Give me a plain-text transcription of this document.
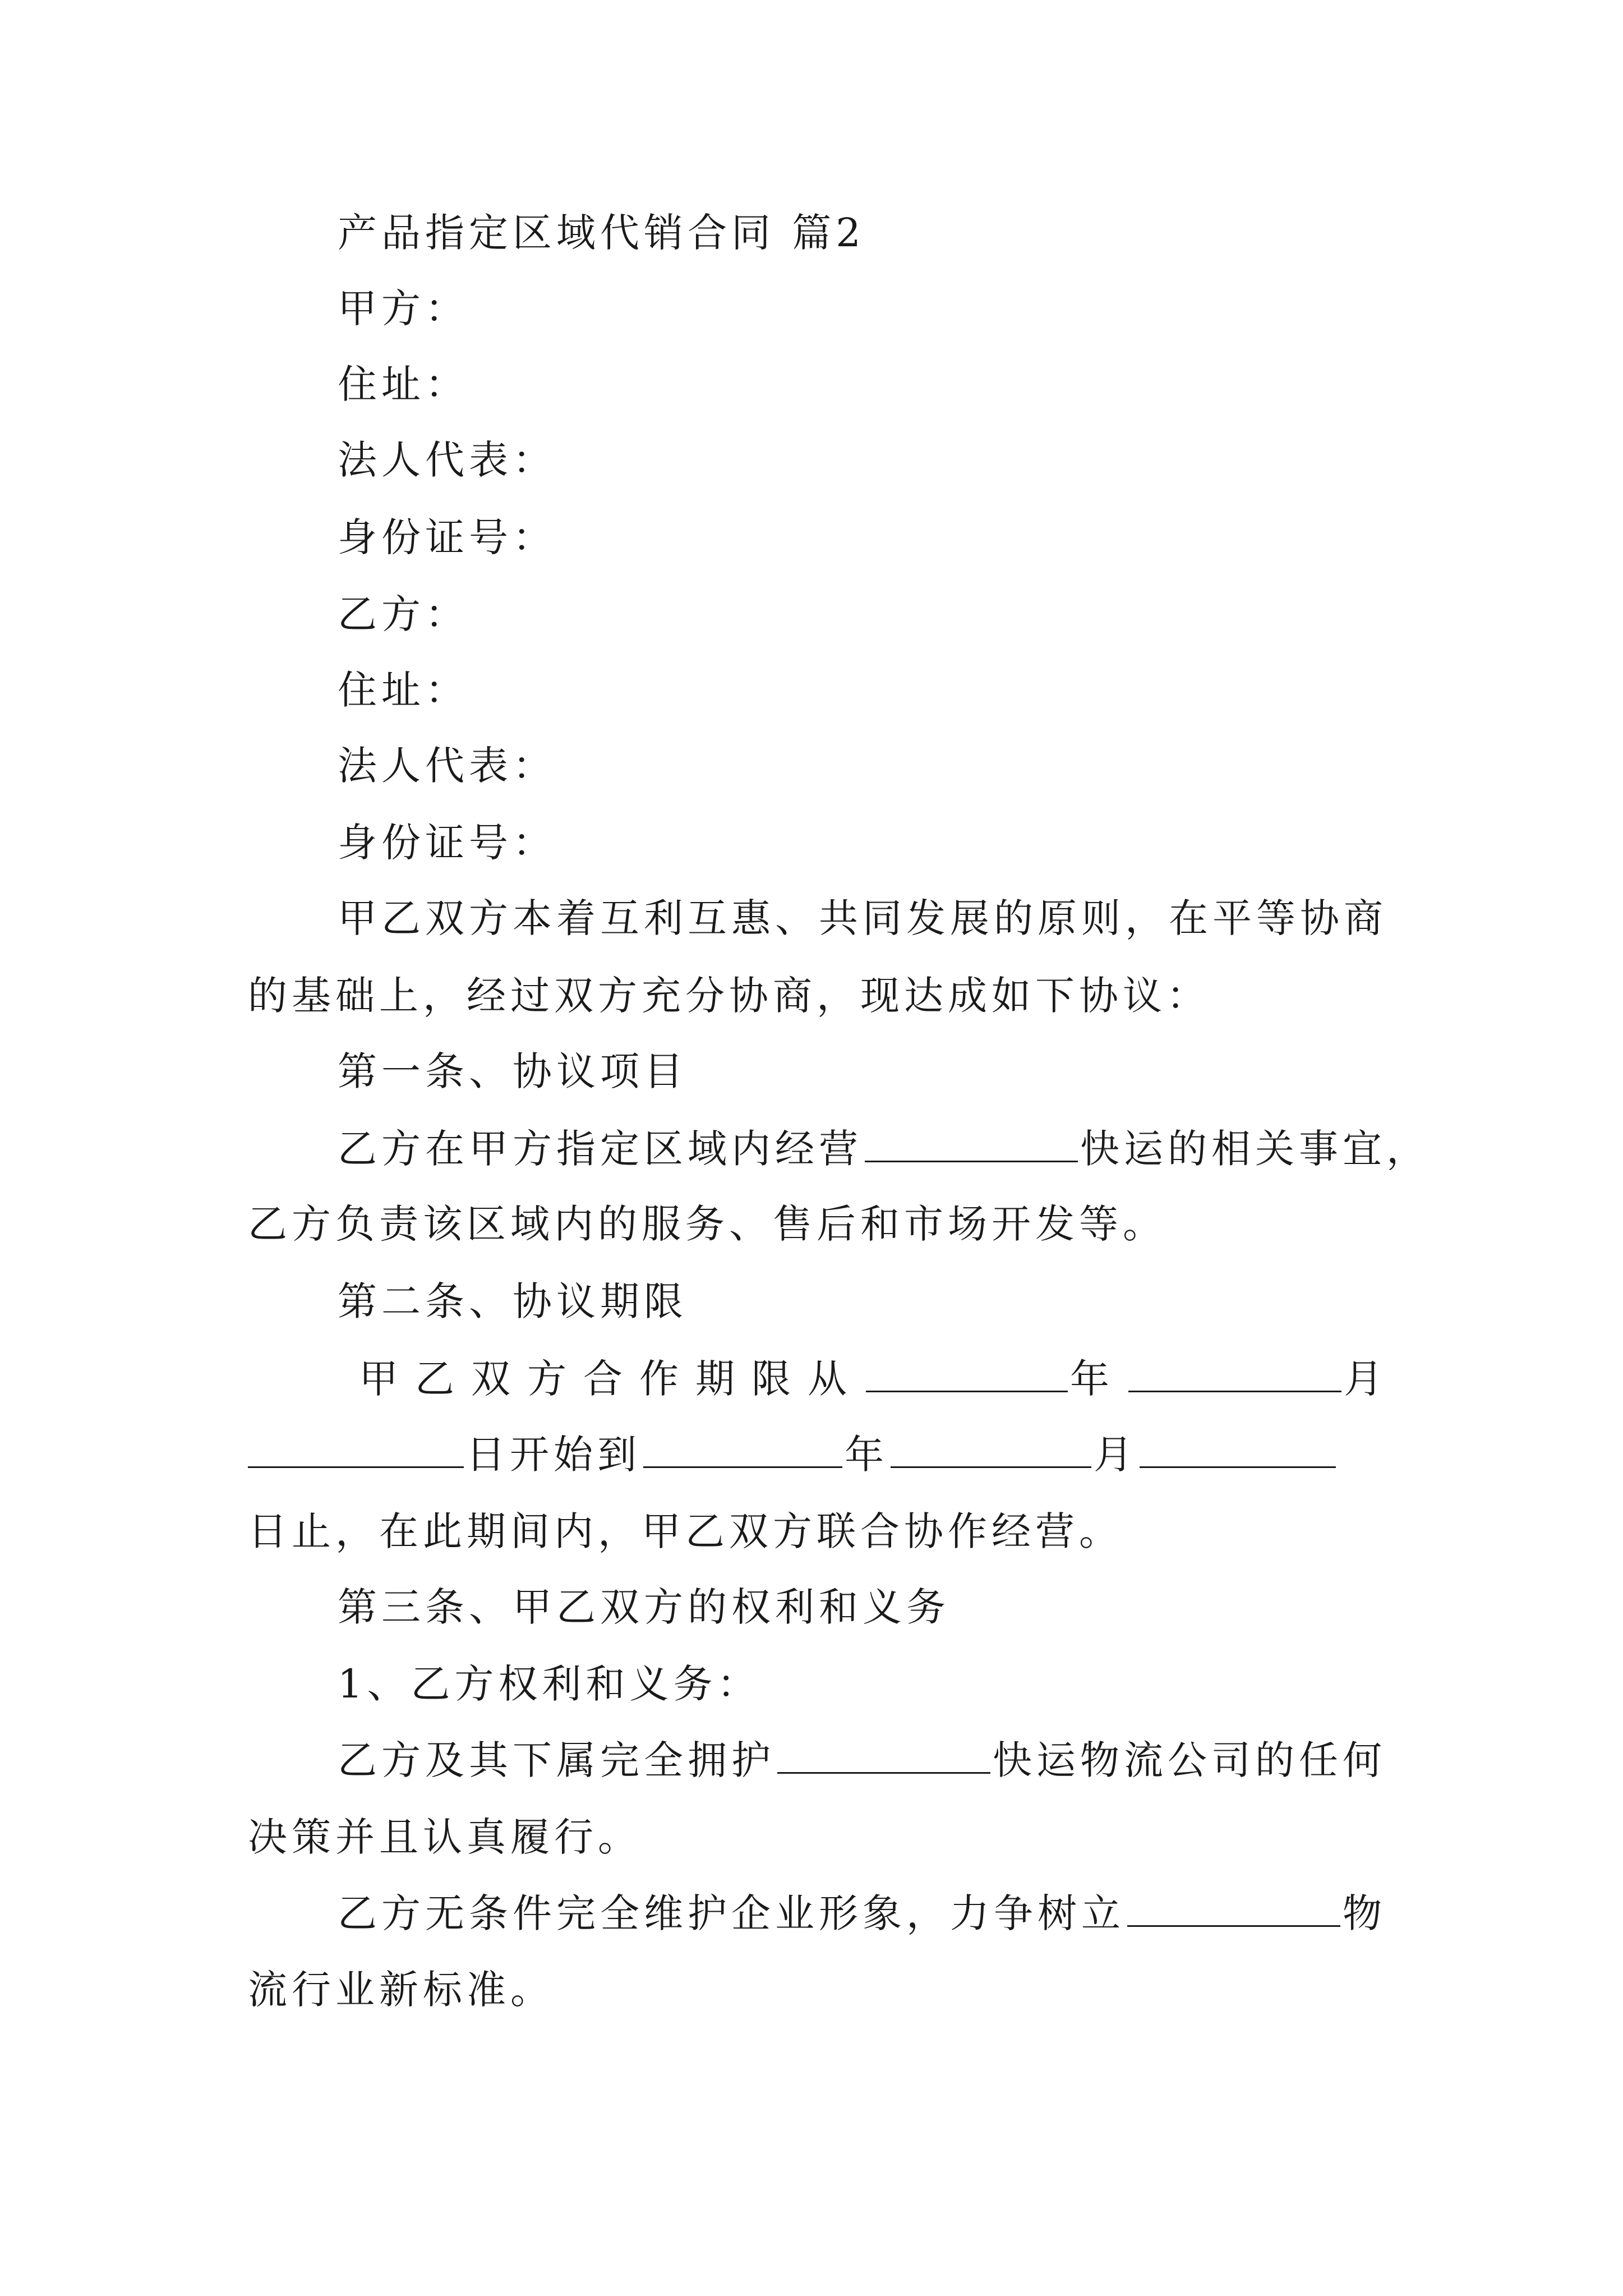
产品指定区域代销合同 篇2
甲方：
住址：
法人代表：
身份证号：
乙方：
住址：
法人代表：
身份证号：
甲乙双方本着互利互惠、共同发展的原则，在平等协商
的基础上，经过双方充分协商，现达成如下协议：
第一条、协议项目
乙方在甲方指定区域内经营	快运的相关事宜，
乙方负责该区域内的服务、售后和市场开发等。
第二条、协议期限
甲乙双方合作期限从	年	月
日开始到	年	月
日止，在此期间内，甲乙双方联合协作经营。
第三条、甲乙双方的权利和义务
1、乙方权利和义务：
乙方及其下属完全拥护	快运物流公司的任何
决策并且认真履行。
乙方无条件完全维护企业形象，力争树立	物
流行业新标准。
